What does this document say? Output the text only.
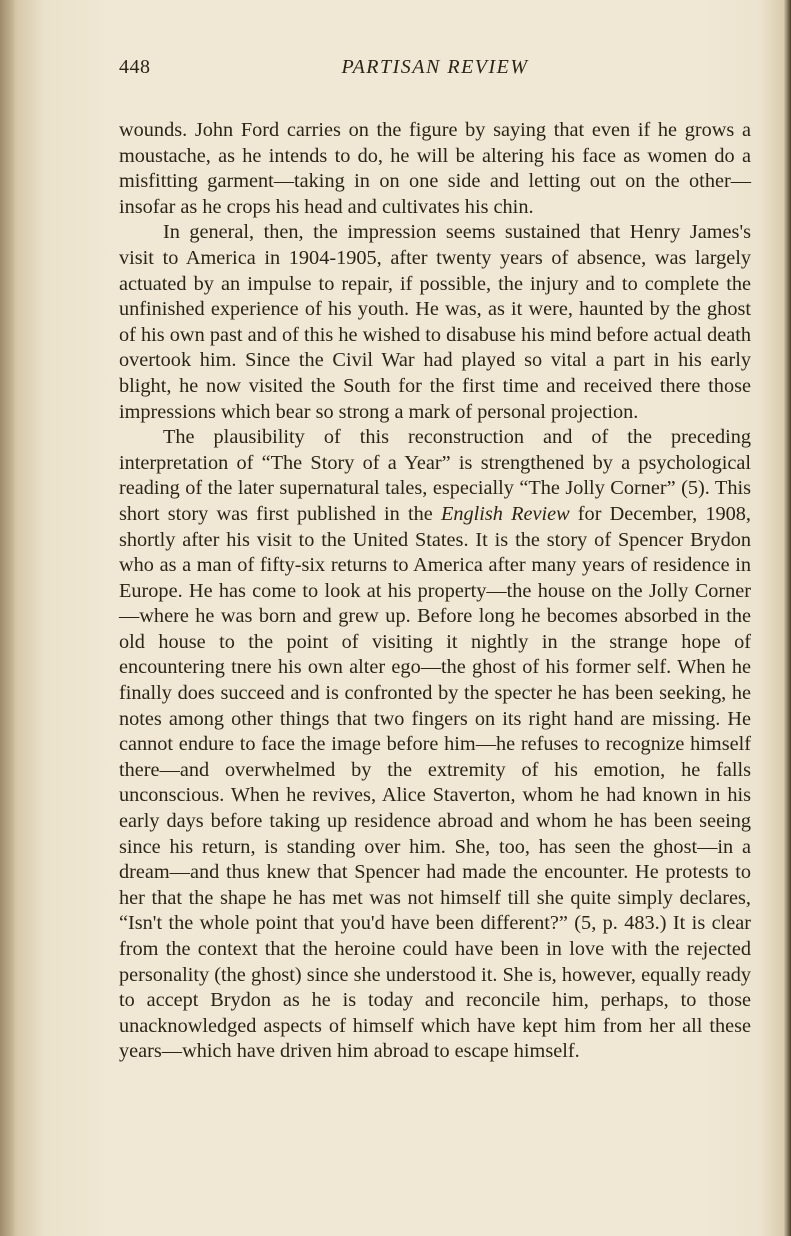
448	PARTISAN REVIEW

wounds. John Ford carries on the figure by saying that even if he grows a moustache, as he intends to do, he will be altering his face as women do a misfitting garment—taking in on one side and letting out on the other—insofar as he crops his head and cultivates his chin.

In general, then, the impression seems sustained that Henry James's visit to America in 1904-1905, after twenty years of absence, was largely actuated by an impulse to repair, if possible, the injury and to complete the unfinished experience of his youth. He was, as it were, haunted by the ghost of his own past and of this he wished to disabuse his mind before actual death overtook him. Since the Civil War had played so vital a part in his early blight, he now visited the South for the first time and received there those impressions which bear so strong a mark of personal projection.

The plausibility of this reconstruction and of the preceding interpretation of “The Story of a Year” is strengthened by a psychological reading of the later supernatural tales, especially “The Jolly Corner” (5). This short story was first published in the English Review for December, 1908, shortly after his visit to the United States. It is the story of Spencer Brydon who as a man of fifty-six returns to America after many years of residence in Europe. He has come to look at his property—the house on the Jolly Corner—where he was born and grew up. Before long he becomes absorbed in the old house to the point of visiting it nightly in the strange hope of encountering tnere his own alter ego—the ghost of his former self. When he finally does succeed and is confronted by the specter he has been seeking, he notes among other things that two fingers on its right hand are missing. He cannot endure to face the image before him—he refuses to recognize himself there—and overwhelmed by the extremity of his emotion, he falls unconscious. When he revives, Alice Staverton, whom he had known in his early days before taking up residence abroad and whom he has been seeing since his return, is standing over him. She, too, has seen the ghost—in a dream—and thus knew that Spencer had made the encounter. He protests to her that the shape he has met was not himself till she quite simply declares, “Isn't the whole point that you'd have been different?” (5, p. 483.) It is clear from the context that the heroine could have been in love with the rejected personality (the ghost) since she understood it. She is, however, equally ready to accept Brydon as he is today and reconcile him, perhaps, to those unacknowledged aspects of himself which have kept him from her all these years—which have driven him abroad to escape himself.
